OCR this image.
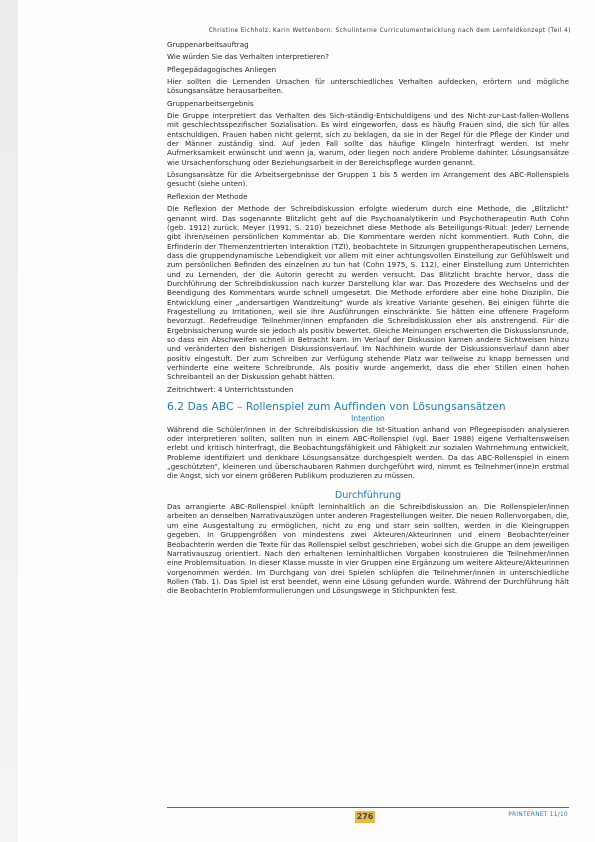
Christine Eichholz, Karin Wettenborn: Schulinterne Curriculumentwicklung nach dem Lernfeldkonzept (Teil 4)
Gruppenarbeitsauftrag

Wie würden Sie das Verhalten interpretieren?

Pflegepädagogisches Anliegen

Hier sollten die Lernenden Ursachen für unterschiedliches Verhalten aufdecken, erörtern und mögliche Lösungsansätze herausarbeiten.

Gruppenarbeitsergebnis

Die Gruppe interpretiert das Verhalten des Sich-ständig-Entschuldigens und des Nicht-zur-Last-fallen-Wollens mit geschlechtsspezifischer Sozialisation. Es wird eingeworfen, dass es häufig Frauen sind, die sich für alles entschuldigen. Frauen haben nicht gelernt, sich zu beklagen, da sie in der Regel für die Pflege der Kinder und der Männer zuständig sind. Auf jeden Fall sollte das häufige Klingeln hinterfragt werden. Ist mehr Aufmerksamkeit erwünscht und wenn ja, warum, oder liegen noch andere Probleme dahinter. Lösungsansätze wie Ursachenforschung oder Beziehungsarbeit in der Bereichspflege wurden genannt.

Lösungsansätze für die Arbeitsergebnisse der Gruppen 1 bis 5 werden im Arrangement des ABC-Rollenspiels gesucht (siehe unten).

Reflexion der Methode

Die Reflexion der Methode der Schreibdiskussion erfolgte wiederum durch eine Methode, die „Blitzlicht“ genannt wird. Das sogenannte Blitzlicht geht auf die Psychoanalytikerin und Psychotherapeutin Ruth Cohn (geb. 1912) zurück. Meyer (1991, S. 210) bezeichnet diese Methode als Beteiligungs-Ritual: Jeder/ Lernende gibt ihren/seinen persönlichen Kommentar ab. Die Kommentare werden nicht kommentiert. Ruth Cohn, die Erfinderin der Themenzentrierten Interaktion (TZI), beobachtete in Sitzungen gruppentherapeutischen Lernens, dass die gruppendynamische Lebendigkeit vor allem mit einer achtungsvollen Einstellung zur Gefühlswelt und zum persönlichen Befinden des einzelnen zu tun hat (Cohn 1975, S. 112), einer Einstellung zum Unterrichten und zu Lernenden, der die Autorin gerecht zu werden versucht. Das Blitzlicht brachte hervor, dass die Durchführung der Schreibdiskussion nach kurzer Darstellung klar war. Das Prozedere des Wechselns und der Beendigung des Kommentars wurde schnell umgesetzt. Die Methode erfordere aber eine hohe Disziplin. Die Entwicklung einer „andersartigen Wandzeitung“ wurde als kreative Variante gesehen. Bei einigen führte die Fragestellung zu Irritationen, weil sie ihre Ausführungen einschränkte. Sie hätten eine offenere Frageform bevorzugt. Redefreudige Teilnehmer/innen empfanden die Schreibdiskussion eher als anstrengend. Für die Ergebnissicherung wurde sie jedoch als positiv bewertet. Gleiche Meinungen erschwerten die Diskussionsrunde, so dass ein Abschweifen schnell in Betracht kam. Im Verlauf der Diskussion kamen andere Sichtweisen hinzu und veränderten den bisherigen Diskussionsverlauf. Im Nachhinein wurde der Diskussionsverlauf dann aber positiv eingestuft. Der zum Schreiben zur Verfügung stehende Platz war teilweise zu knapp bemessen und verhinderte eine weitere Schreibrunde. Als positiv wurde angemerkt, dass die eher Stillen einen hohen Schreibanteil an der Diskussion gehabt hätten.

Zeitrichtwert: 4 Unterrichtsstunden

6.2 Das ABC – Rollenspiel zum Auffinden von Lösungsansätzen
Intention

Während die Schüler/innen in der Schreibdiskussion die Ist-Situation anhand von Pflegeepisoden analysieren oder interpretieren sollten, sollten nun in einem ABC-Rollenspiel (vgl. Baer 1988) eigene Verhaltensweisen erlebt und kritisch hinterfragt, die Beobachtungsfähigkeit und Fähigkeit zur sozialen Wahrnehmung entwickelt, Probleme identifiziert und denkbare Lösungsansätze durchgespielt werden. Da das ABC-Rollenspiel in einem „geschützten“, kleineren und überschaubaren Rahmen durchgeführt wird, nimmt es Teilnehmer(inne)n erstmal die Angst, sich vor einem größeren Publikum produzieren zu müssen.

Durchführung

Das arrangierte ABC-Rollenspiel knüpft lerninhaltlich an die Schreibdiskussion an. Die Rollenspieler/innen arbeiten an denselben Narrativauszügen unter anderen Fragestellungen weiter. Die neuen Rollenvorgaben, die, um eine Ausgestaltung zu ermöglichen, nicht zu eng und starr sein sollten, werden in die Kleingruppen gegeben. In Gruppengrößen von mindestens zwei Akteuren/Akteurinnen und einem Beobachter/einer Beobachterin werden die Texte für das Rollenspiel selbst geschrieben, wobei sich die Gruppe an dem jeweiligen Narrativauszug orientiert. Nach den erhaltenen lerninhaltlichen Vorgaben konstruieren die Teilnehmer/innen eine Problemsituation. In dieser Klasse musste in vier Gruppen eine Ergänzung um weitere Akteure/Akteurinnen vorgenommen werden. Im Durchgang von drei Spielen schlüpfen die Teilnehmer/innen in unterschiedliche Rollen (Tab. 1). Das Spiel ist erst beendet, wenn eine Lösung gefunden wurde. Während der Durchführung hält die Beobachterin Problemformulierungen und Lösungswege in Stichpunkten fest.

276	PRINTERNET 11/10
